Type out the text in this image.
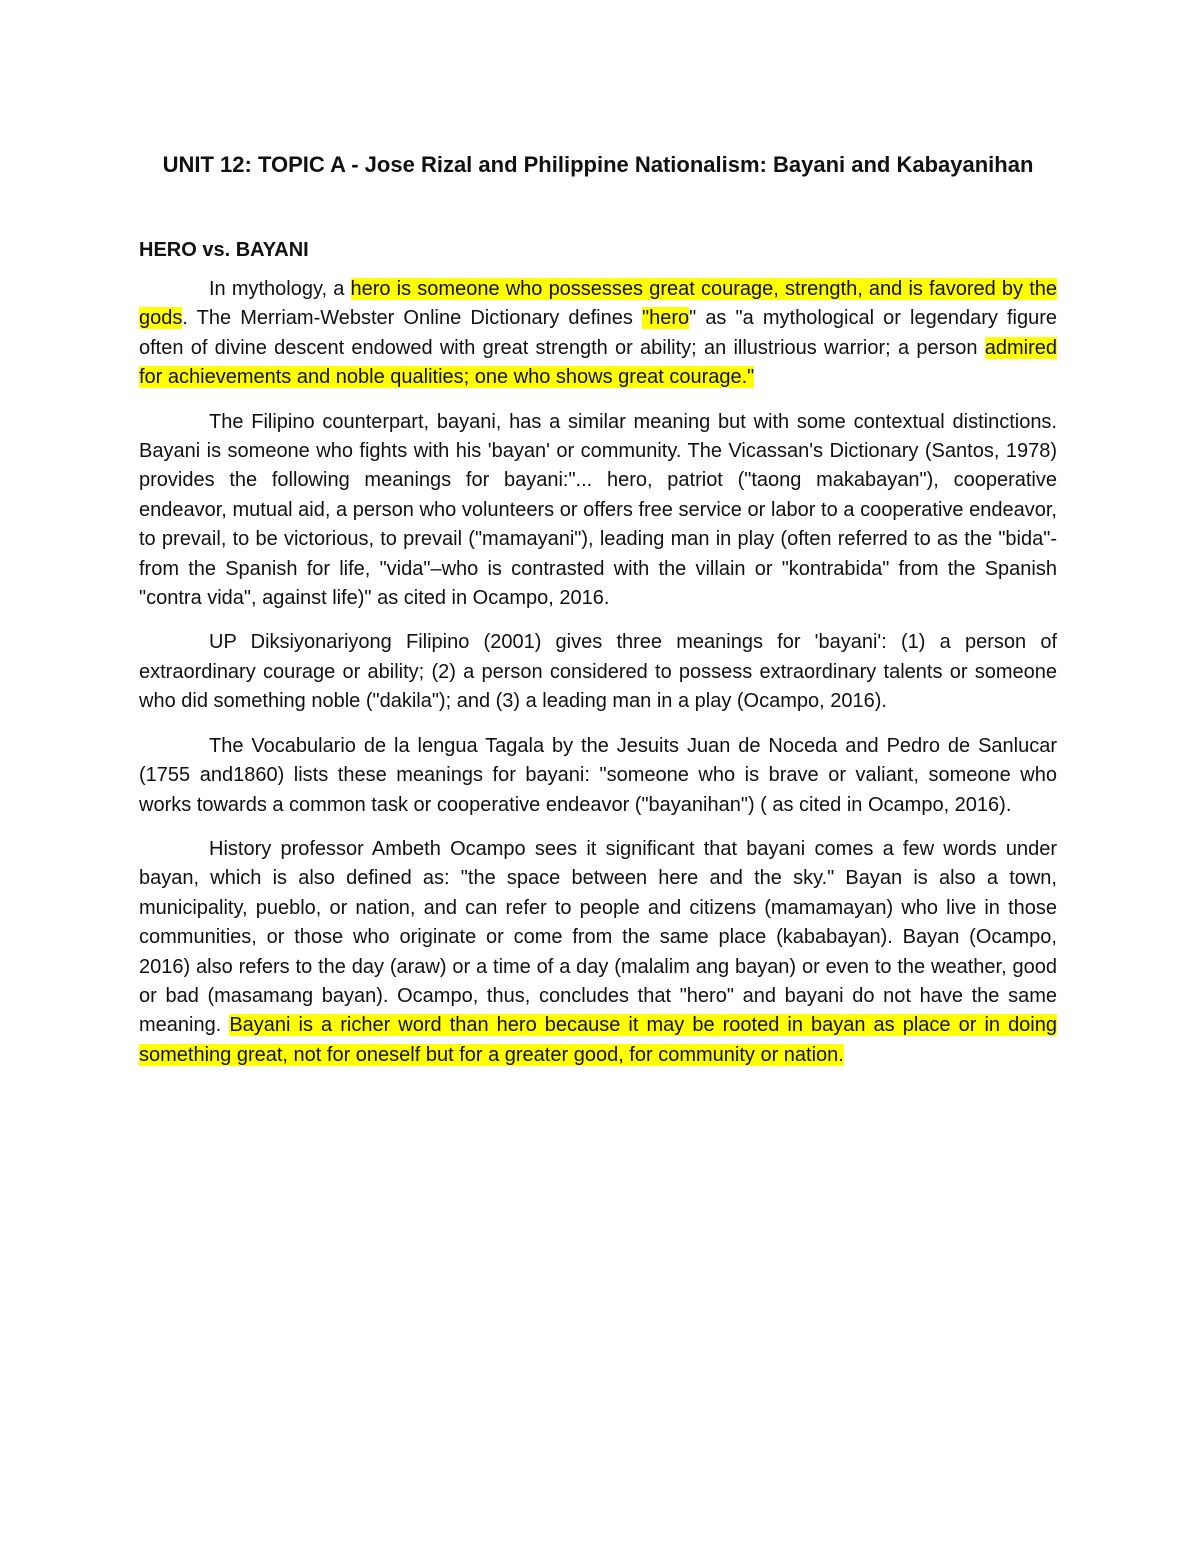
UNIT 12: TOPIC A - Jose Rizal and Philippine Nationalism: Bayani and Kabayanihan
HERO vs. BAYANI

In mythology, a hero is someone who possesses great courage, strength, and is favored by the gods. The Merriam-Webster Online Dictionary defines "hero" as "a mythological or legendary figure often of divine descent endowed with great strength or ability; an illustrious warrior; a person admired for achievements and noble qualities; one who shows great courage."

The Filipino counterpart, bayani, has a similar meaning but with some contextual distinctions. Bayani is someone who fights with his 'bayan' or community. The Vicassan's Dictionary (Santos, 1978) provides the following meanings for bayani:"... hero, patriot ("taong makabayan"), cooperative endeavor, mutual aid, a person who volunteers or offers free service or labor to a cooperative endeavor, to prevail, to be victorious, to prevail ("mamayani"), leading man in play (often referred to as the "bida"- from the Spanish for life, "vida"–who is contrasted with the villain or "kontrabida" from the Spanish "contra vida", against life)" as cited in Ocampo, 2016.

UP Diksiyonariyong Filipino (2001) gives three meanings for 'bayani': (1) a person of extraordinary courage or ability; (2) a person considered to possess extraordinary talents or someone who did something noble ("dakila"); and (3) a leading man in a play (Ocampo, 2016).

The Vocabulario de la lengua Tagala by the Jesuits Juan de Noceda and Pedro de Sanlucar (1755 and1860) lists these meanings for bayani: "someone who is brave or valiant, someone who works towards a common task or cooperative endeavor ("bayanihan") ( as cited in Ocampo, 2016).

History professor Ambeth Ocampo sees it significant that bayani comes a few words under bayan, which is also defined as: "the space between here and the sky." Bayan is also a town, municipality, pueblo, or nation, and can refer to people and citizens (mamamayan) who live in those communities, or those who originate or come from the same place (kababayan). Bayan (Ocampo, 2016) also refers to the day (araw) or a time of a day (malalim ang bayan) or even to the weather, good or bad (masamang bayan). Ocampo, thus, concludes that "hero" and bayani do not have the same meaning. Bayani is a richer word than hero because it may be rooted in bayan as place or in doing something great, not for oneself but for a greater good, for community or nation.
